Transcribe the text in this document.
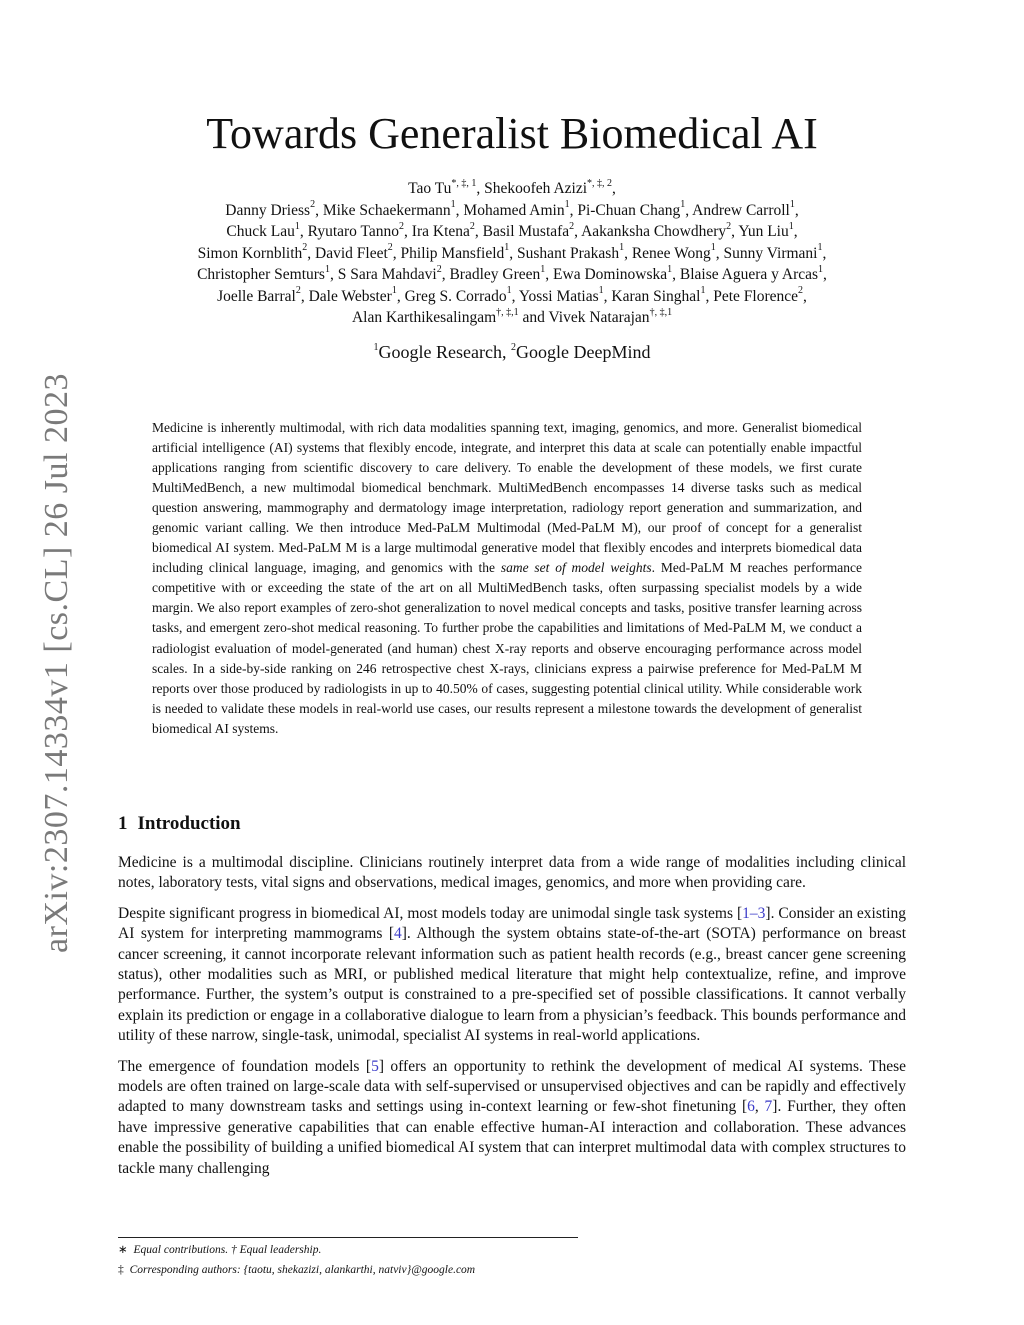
arXiv:2307.14334v1 [cs.CL] 26 Jul 2023
Towards Generalist Biomedical AI
Tao $Tu^{*, \ddagger, 1}$, Shekoofeh Azizi$^{*, \ddagger, 2}$,
Danny Driess$^2$, Mike Schaekermann$^1$, Mohamed Amin$^1$, Pi-Chuan Chang$^1$, Andrew Carroll$^1$,
Chuck Lau$^1$, Ryutaro Tanno$^2$, Ira Ktena$^2$, Basil Mustafa$^2$, Aakanksha Chowdhery$^2$, Yun Liu$^1$,
Simon Kornblith$^2$, David Fleet$^2$, Philip Mansfield$^1$, Sushant Prakash$^1$, Renee Wong$^1$, Sunny Virmani$^1$,
Christopher Semturs$^1$, S Sara Mahdavi$^2$, Bradley Green$^1$, Ewa Dominowska$^1$, Blaise Aguera y Arcas$^1$,
Joelle Barral$^2$, Dale Webster$^1$, Greg S. Corrado$^1$, Yossi Matias$^1$, Karan Singhal$^1$, Pete Florence$^2$,
Alan Karthikesalingam$^{\dagger, \ddagger,1}$ and Vivek Natarajan$^{\dagger, \ddagger,1}$
$^1$Google Research, $^2$Google DeepMind
Medicine is inherently multimodal, with rich data modalities spanning text, imaging, genomics, and more. Generalist biomedical artificial intelligence (AI) systems that flexibly encode, integrate, and interpret this data at scale can potentially enable impactful applications ranging from scientific discovery to care delivery. To enable the development of these models, we first curate MultiMedBench, a new multimodal biomedical benchmark. MultiMedBench encompasses 14 diverse tasks such as medical question answering, mammography and dermatology image interpretation, radiology report generation and summarization, and genomic variant calling. We then introduce Med-PaLM Multimodal (Med-PaLM M), our proof of concept for a generalist biomedical AI system. Med-PaLM M is a large multimodal generative model that flexibly encodes and interprets biomedical data including clinical language, imaging, and genomics with the same set of model weights. Med-PaLM M reaches performance competitive with or exceeding the state of the art on all MultiMedBench tasks, often surpassing specialist models by a wide margin. We also report examples of zero-shot generalization to novel medical concepts and tasks, positive transfer learning across tasks, and emergent zero-shot medical reasoning. To further probe the capabilities and limitations of Med-PaLM M, we conduct a radiologist evaluation of model-generated (and human) chest X-ray reports and observe encouraging performance across model scales. In a side-by-side ranking on 246 retrospective chest X-rays, clinicians express a pairwise preference for Med-PaLM M reports over those produced by radiologists in up to 40.50% of cases, suggesting potential clinical utility. While considerable work is needed to validate these models in real-world use cases, our results represent a milestone towards the development of generalist biomedical AI systems.
1 Introduction

Medicine is a multimodal discipline. Clinicians routinely interpret data from a wide range of modalities including clinical notes, laboratory tests, vital signs and observations, medical images, genomics, and more when providing care.

Despite significant progress in biomedical AI, most models today are unimodal single task systems [1–3]. Consider an existing AI system for interpreting mammograms [4]. Although the system obtains state-of-the-art (SOTA) performance on breast cancer screening, it cannot incorporate relevant information such as patient health records (e.g., breast cancer gene screening status), other modalities such as MRI, or published medical literature that might help contextualize, refine, and improve performance. Further, the system’s output is constrained to a pre-specified set of possible classifications. It cannot verbally explain its prediction or engage in a collaborative dialogue to learn from a physician’s feedback. This bounds performance and utility of these narrow, single-task, unimodal, specialist AI systems in real-world applications.

The emergence of foundation models [5] offers an opportunity to rethink the development of medical AI systems. These models are often trained on large-scale data with self-supervised or unsupervised objectives and can be rapidly and effectively adapted to many downstream tasks and settings using in-context learning or few-shot finetuning [6, 7]. Further, they often have impressive generative capabilities that can enable effective human-AI interaction and collaboration. These advances enable the possibility of building a unified biomedical AI system that can interpret multimodal data with complex structures to tackle many challenging

∗ Equal contributions. † Equal leadership.
‡ Corresponding authors: {taotu, shekazizi, alankarthi, natviv}@google.com
